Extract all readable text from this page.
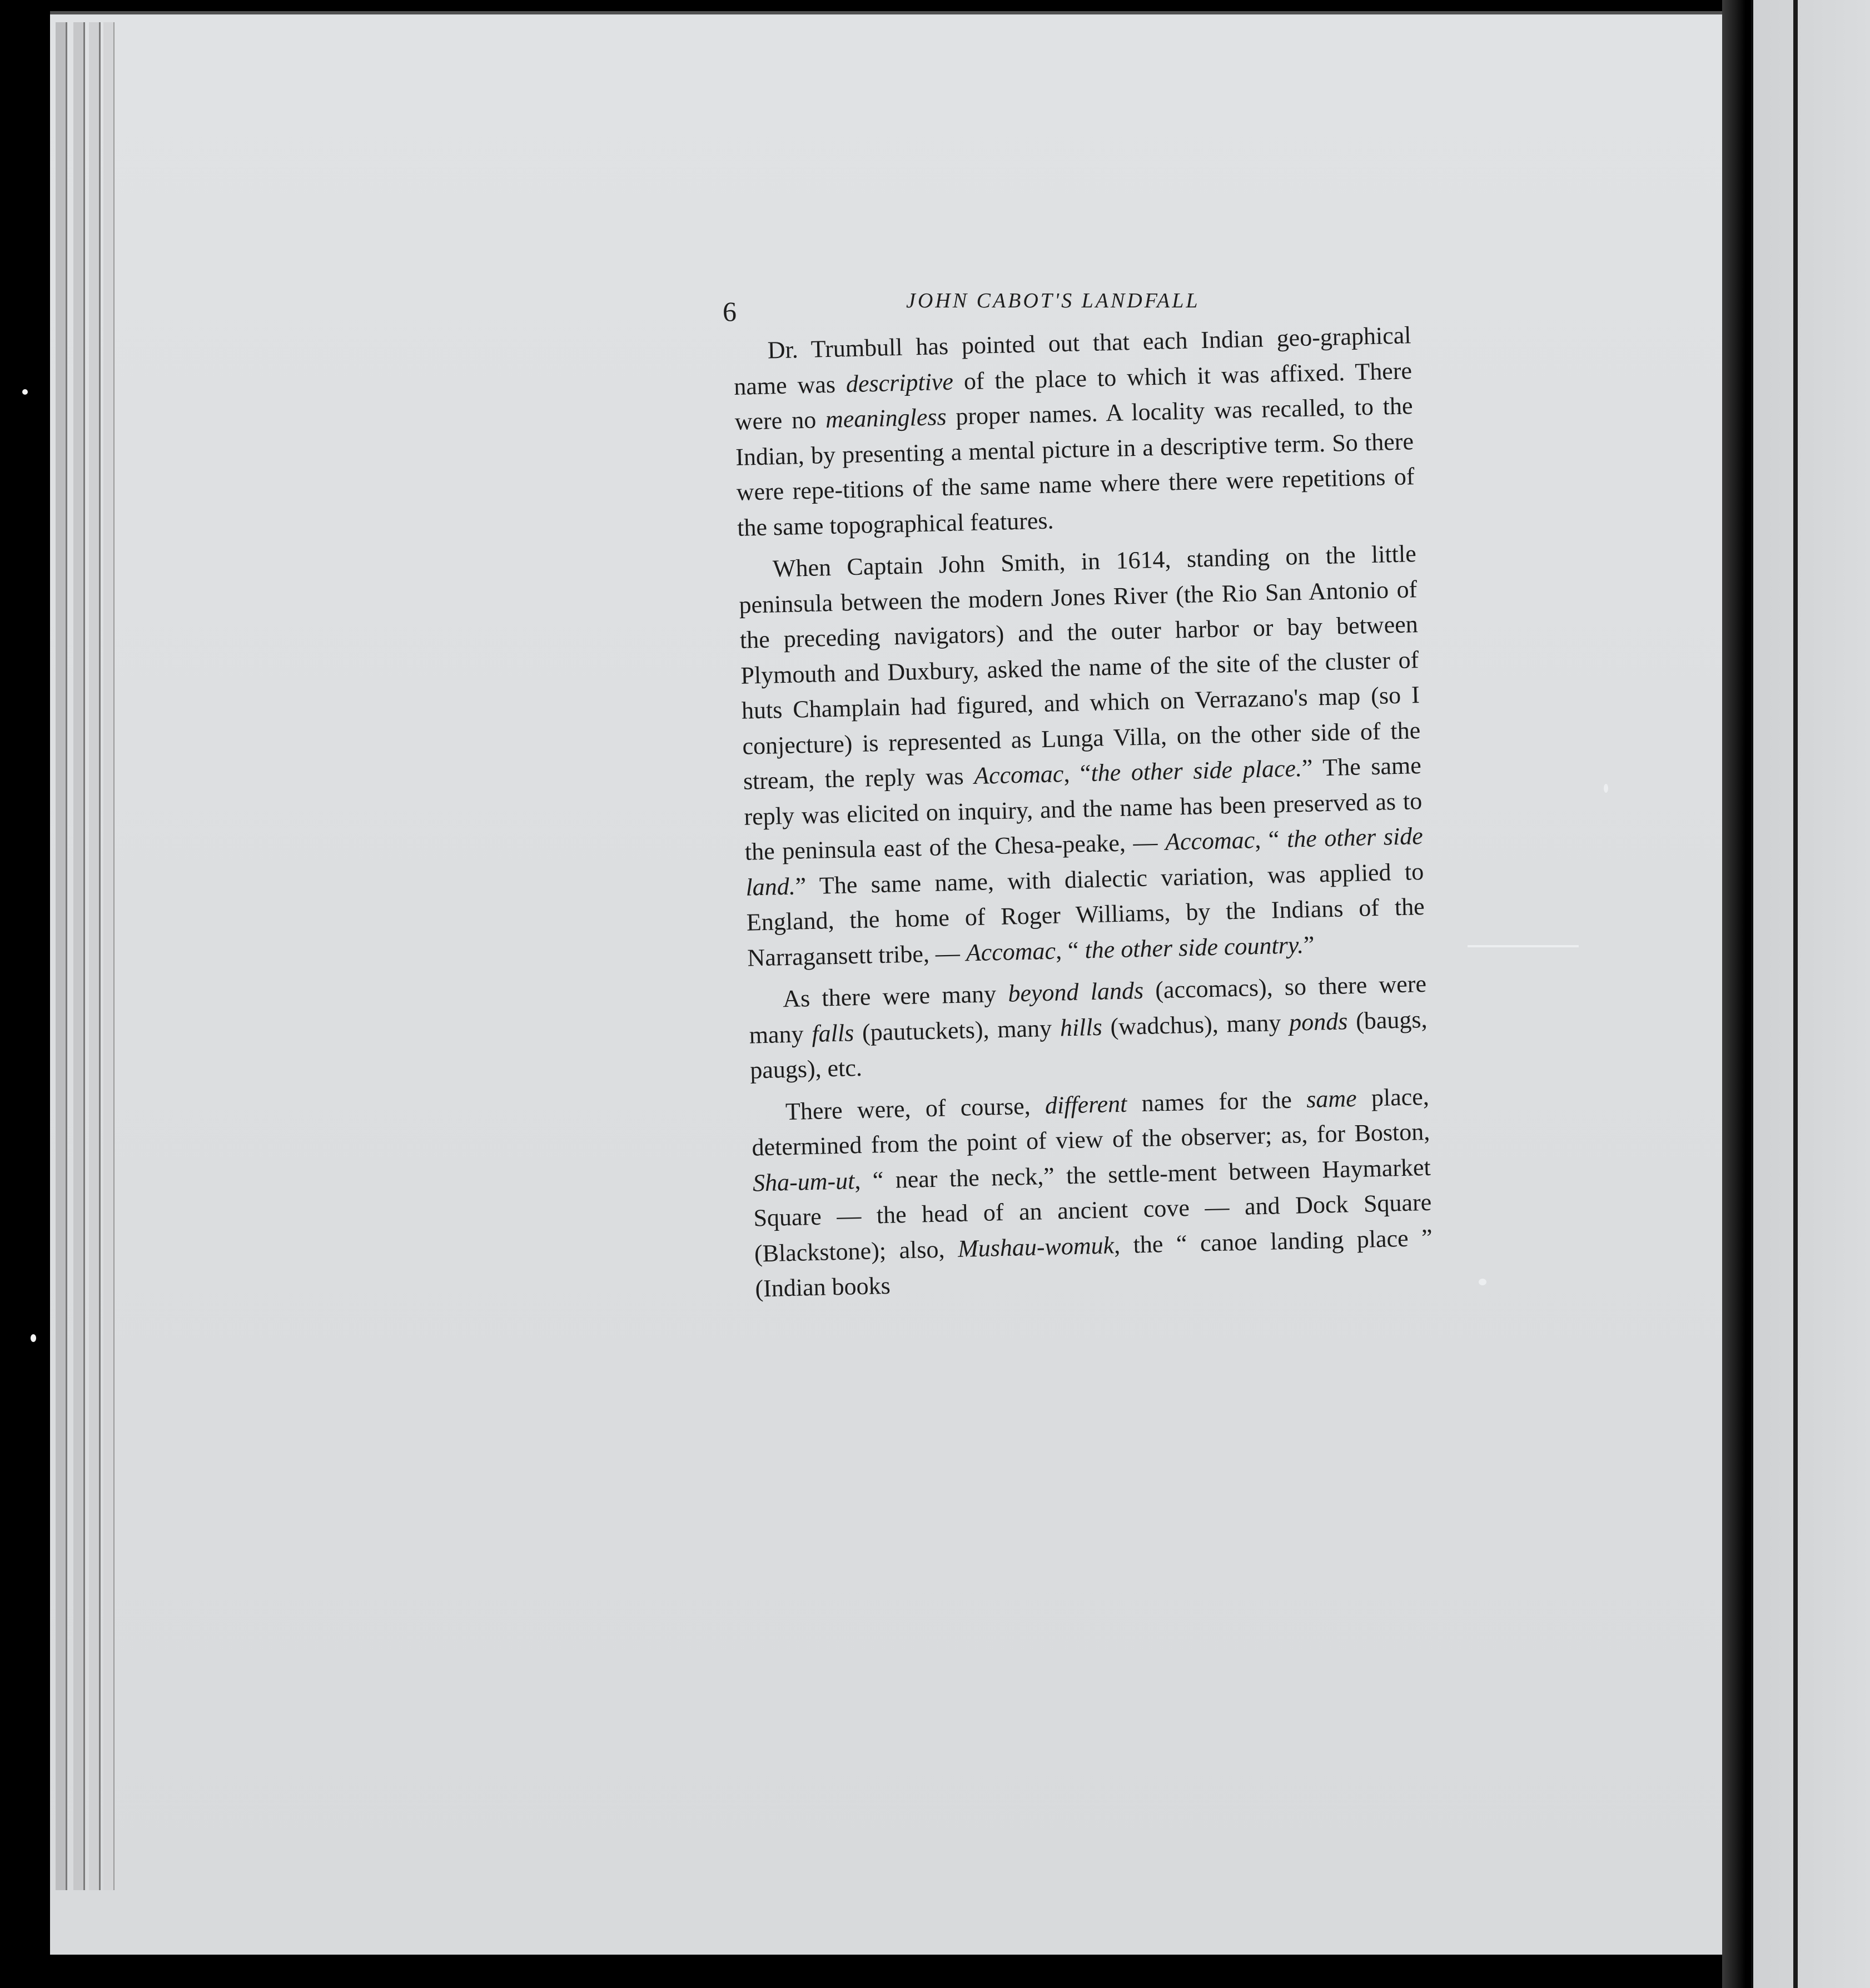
6	JOHN CABOT'S LANDFALL

Dr. Trumbull has pointed out that each Indian geo-graphical name was descriptive of the place to which it was affixed. There were no meaningless proper names. A locality was recalled, to the Indian, by presenting a mental picture in a descriptive term. So there were repe-titions of the same name where there were repetitions of the same topographical features.

When Captain John Smith, in 1614, standing on the little peninsula between the modern Jones River (the Rio San Antonio of the preceding navigators) and the outer harbor or bay between Plymouth and Duxbury, asked the name of the site of the cluster of huts Champlain had figured, and which on Verrazano's map (so I conjecture) is represented as Lunga Villa, on the other side of the stream, the reply was Accomac, “the other side place.” The same reply was elicited on inquiry, and the name has been preserved as to the peninsula east of the Chesa-peake, — Accomac, “ the other side land.” The same name, with dialectic variation, was applied to England, the home of Roger Williams, by the Indians of the Narragansett tribe, — Accomac, “ the other side country.”

As there were many beyond lands (accomacs), so there were many falls (pautuckets), many hills (wadchus), many ponds (baugs, paugs), etc.

There were, of course, different names for the same place, determined from the point of view of the observer; as, for Boston, Sha-um-ut, “ near the neck,” the settle-ment between Haymarket Square — the head of an ancient cove — and Dock Square (Blackstone); also, Mushau-womuk, the “ canoe landing place ” (Indian books
